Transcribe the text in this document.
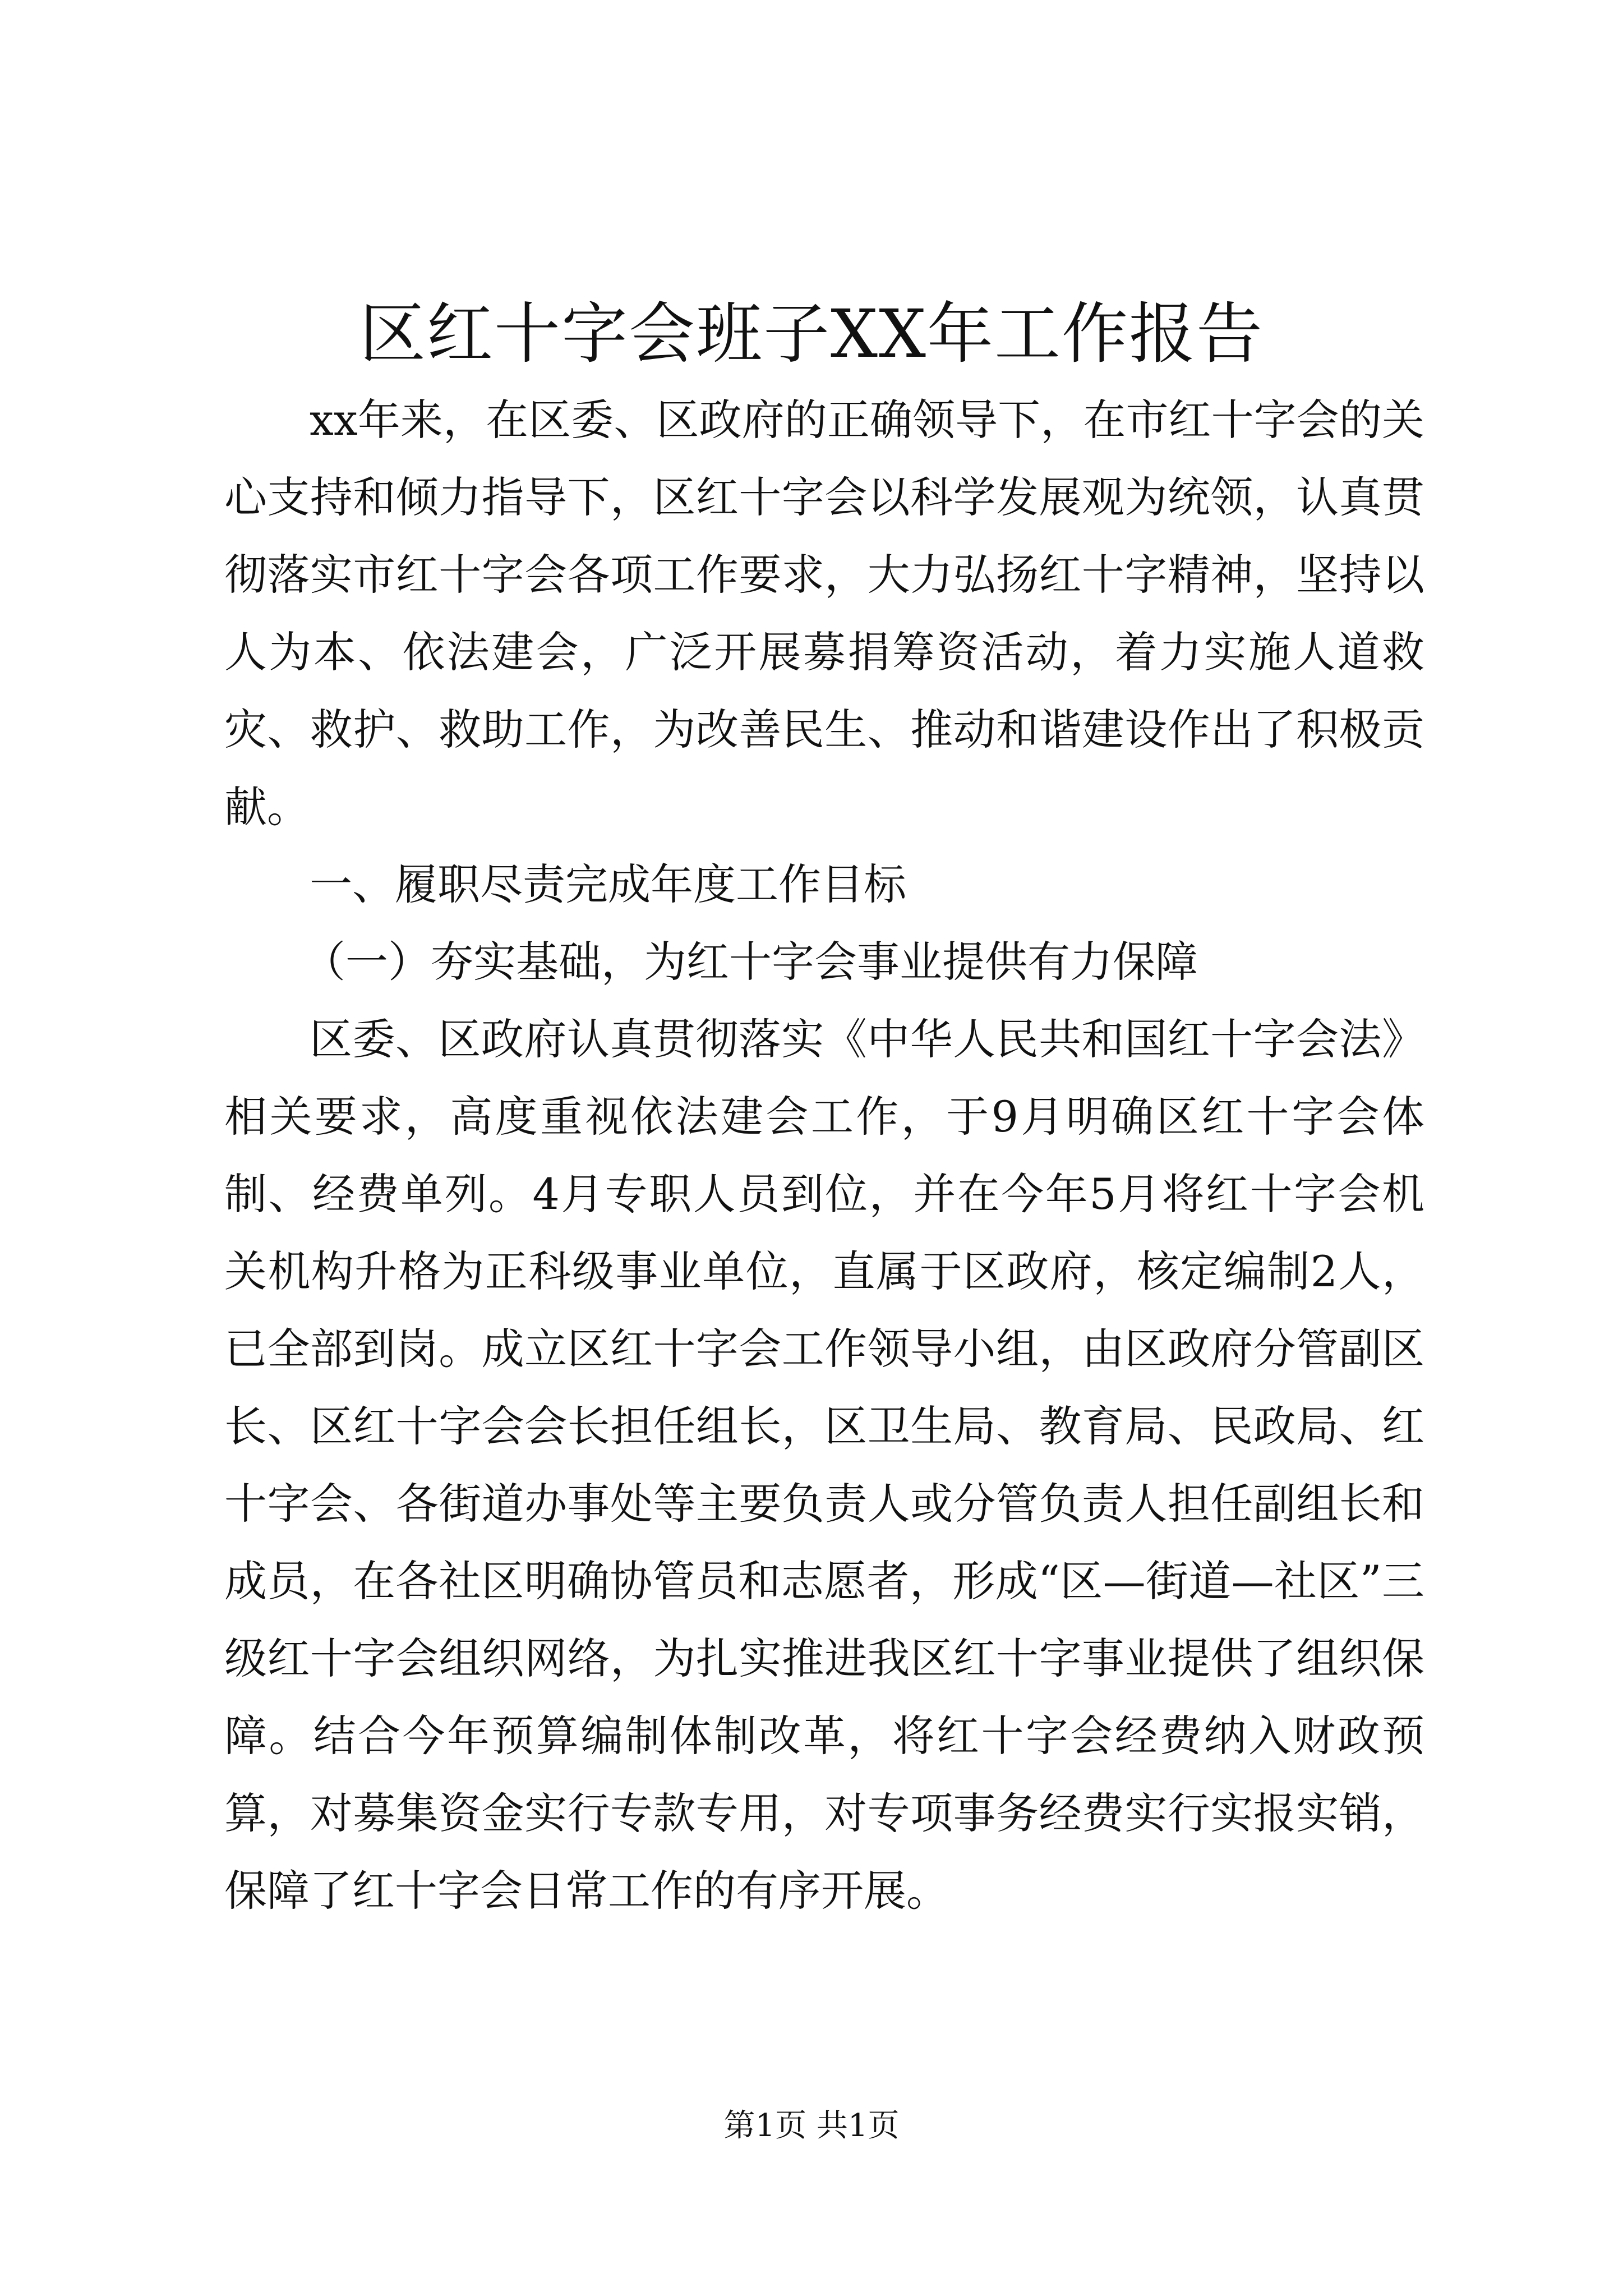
区红十字会班子XX年工作报告

xx年来，在区委、区政府的正确领导下，在市红十字会的关心支持和倾力指导下，区红十字会以科学发展观为统领，认真贯彻落实市红十字会各项工作要求，大力弘扬红十字精神，坚持以人为本、依法建会，广泛开展募捐筹资活动，着力实施人道救灾、救护、救助工作，为改善民生、推动和谐建设作出了积极贡献。

一、履职尽责完成年度工作目标

（一）夯实基础，为红十字会事业提供有力保障

区委、区政府认真贯彻落实《中华人民共和国红十字会法》相关要求，高度重视依法建会工作，于9月明确区红十字会体制、经费单列。4月专职人员到位，并在今年5月将红十字会机关机构升格为正科级事业单位，直属于区政府，核定编制2人，已全部到岗。成立区红十字会工作领导小组，由区政府分管副区长、区红十字会会长担任组长，区卫生局、教育局、民政局、红十字会、各街道办事处等主要负责人或分管负责人担任副组长和成员，在各社区明确协管员和志愿者，形成“区—街道—社区”三级红十字会组织网络，为扎实推进我区红十字事业提供了组织保障。结合今年预算编制体制改革，将红十字会经费纳入财政预算，对募集资金实行专款专用，对专项事务经费实行实报实销，保障了红十字会日常工作的有序开展。

第1页 共1页
